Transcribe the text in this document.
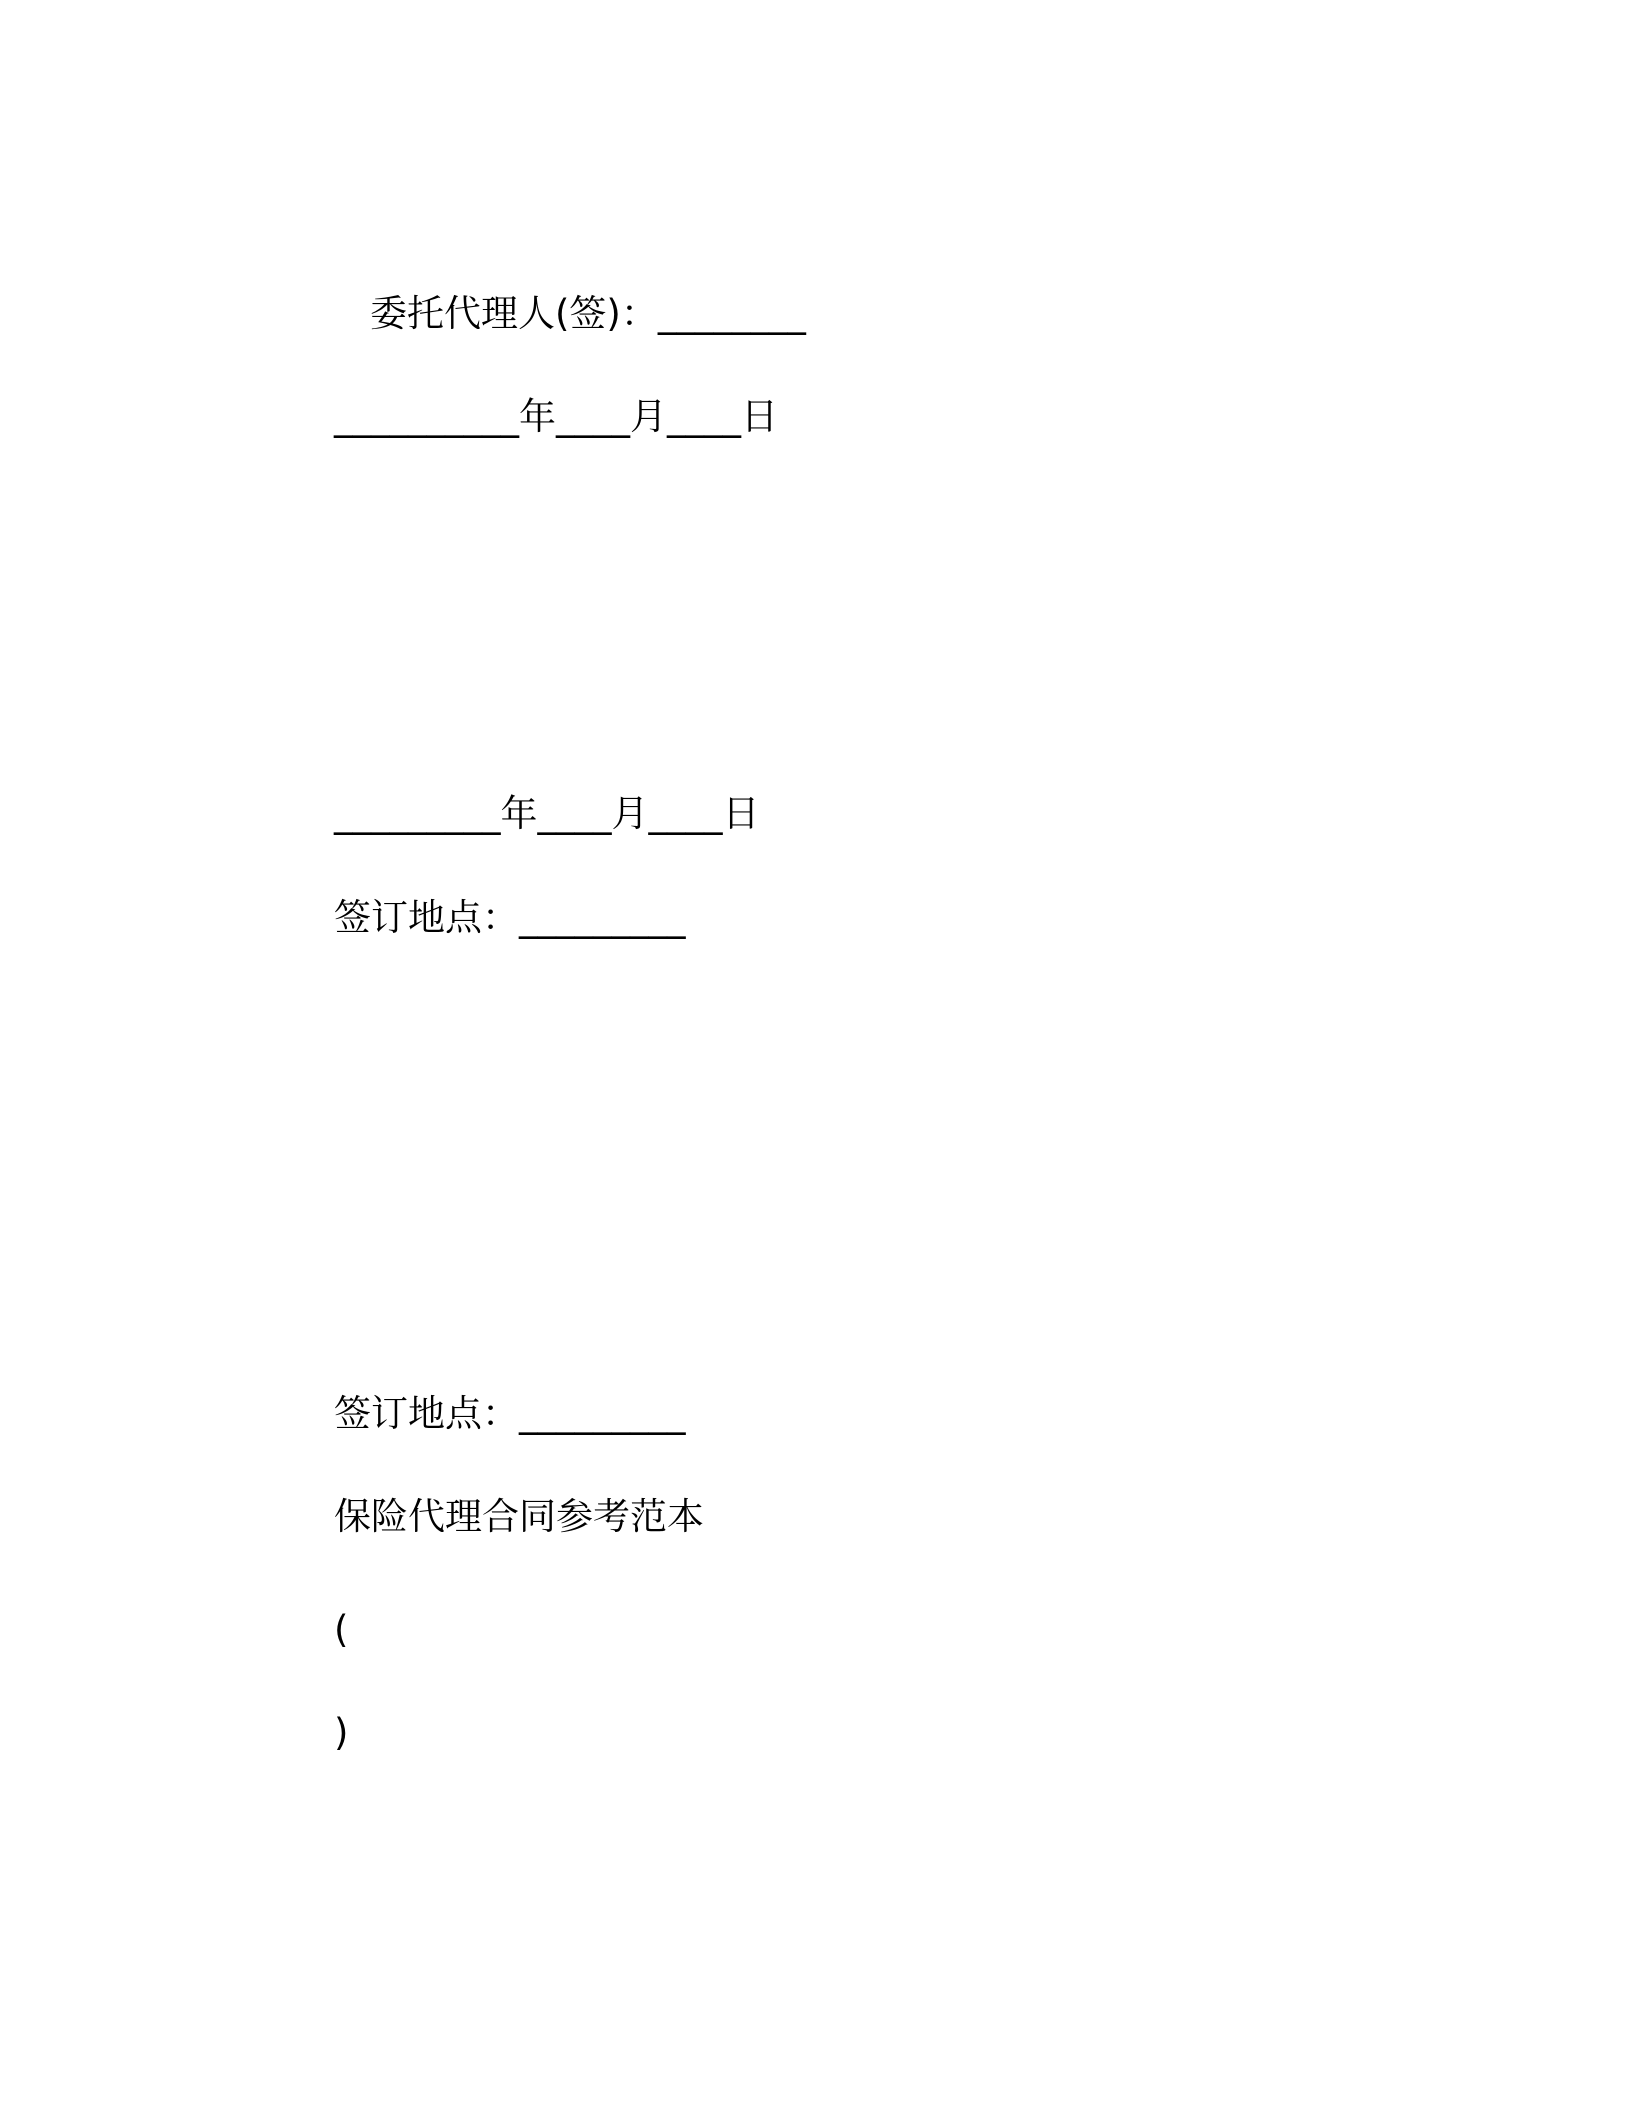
委托代理人(签)：________
__________年____月____日
_________年____月____日
签订地点：_________
签订地点：_________
保险代理合同参考范本
(
)
